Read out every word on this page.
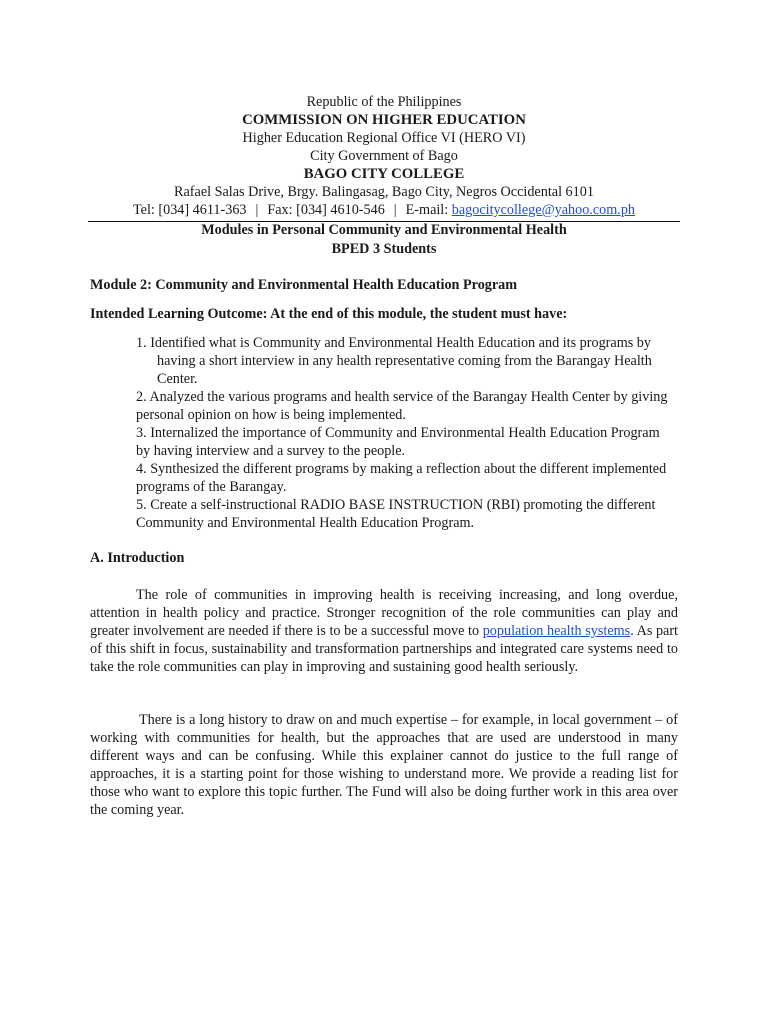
Republic of the Philippines
COMMISSION ON HIGHER EDUCATION
Higher Education Regional Office VI (HERO VI)
City Government of Bago
BAGO CITY COLLEGE
Rafael Salas Drive, Brgy. Balingasag, Bago City, Negros Occidental 6101
Tel: [034] 4611-363 | Fax: [034] 4610-546 | E-mail: bagocitycollege@yahoo.com.ph
Modules in Personal Community and Environmental Health
BPED 3 Students
Module 2: Community and Environmental Health Education Program
Intended Learning Outcome: At the end of this module, the student must have:
1. Identified what is Community and Environmental Health Education and its programs by having a short interview in any health representative coming from the Barangay Health Center.
2. Analyzed the various programs and health service of the Barangay Health Center by giving personal opinion on how is being implemented.
3. Internalized the importance of Community and Environmental Health Education Program by having interview and a survey to the people.
4. Synthesized the different programs by making a reflection about the different implemented programs of the Barangay.
5. Create a self-instructional RADIO BASE INSTRUCTION (RBI) promoting the different Community and Environmental Health Education Program.
A. Introduction
The role of communities in improving health is receiving increasing, and long overdue, attention in health policy and practice. Stronger recognition of the role communities can play and greater involvement are needed if there is to be a successful move to population health systems. As part of this shift in focus, sustainability and transformation partnerships and integrated care systems need to take the role communities can play in improving and sustaining good health seriously.
There is a long history to draw on and much expertise – for example, in local government – of working with communities for health, but the approaches that are used are understood in many different ways and can be confusing. While this explainer cannot do justice to the full range of approaches, it is a starting point for those wishing to understand more. We provide a reading list for those who want to explore this topic further. The Fund will also be doing further work in this area over the coming year.
